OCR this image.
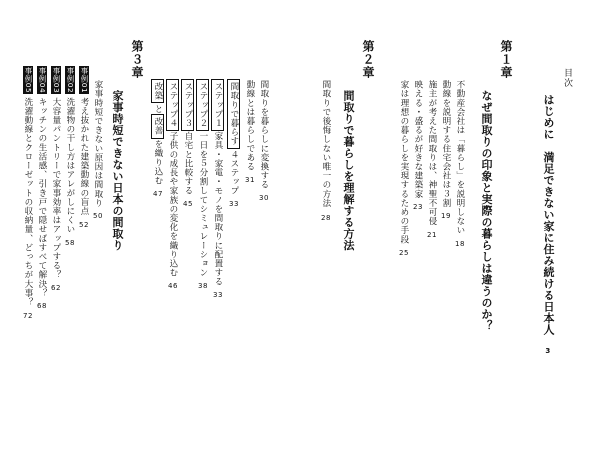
目次
はじめに　満足できない家に住み続ける日本人3
第１章
なぜ間取りの印象と実際の暮らしは違うのか？
不動産会社は「暮らし」を説明しない18
動線を説明する住宅会社は３割19
施主が考えた間取りは、神聖不可侵21
映える・盛るが好きな建築家23
家は理想の暮らしを実現するための手段25
第２章
間取りで暮らしを理解する方法
間取りで後悔しない唯一の方法28
間取りを暮らしに変換する30
動線とは暮らしである31
間取りで暮らす４ステップ33
ステップ１家具・家電・モノを間取りに配置する33
ステップ２一日を５分割してシミュレーション38
ステップ３自宅と比較する45
ステップ４子供の成長や家族の変化を織り込む46
改築と改善を織り込む47
第３章
家事時短できない日本の間取り
家事時短できない原因は間取り50
事例01考え抜かれた建築動線の盲点52
事例02洗濯物の干し方はアレがしにくい58
事例03大容量パントリーで家事効率はアップする？62
事例04キッチンの生活感、引き戸で隠せばすべて解決？68
事例05洗濯動線とクローゼットの収納量、どっちが大事？72
